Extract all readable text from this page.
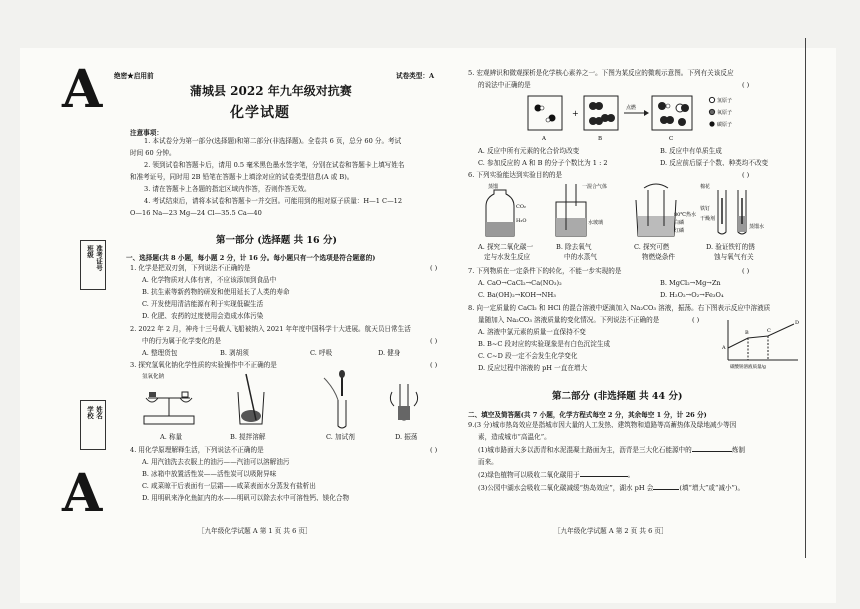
A
A
绝密★启用前	试卷类型：A
蒲城县 2022 年九年级对抗赛
化学试题
注意事项：
1. 本试卷分为第一部分(选择题)和第二部分(非选择题)。全卷共 6 页，总分 60 分。考试
时间 60 分钟。
2. 领到试卷和答题卡后，请用 0.5 毫米黑色墨水签字笔，分别在试卷和答题卡上填写姓名
和准考证号，同时用 2B 铅笔在答题卡上填涂对应的试卷类型信息(A 或 B)。
3. 请在答题卡上各题的指定区域内作答，否则作答无效。
4. 考试结束后，请将本试卷和答题卡一并交回。可能用到的相对原子质量：H—1 C—12
O—16 Na—23 Mg—24 Cl—35.5 Ca—40
第一部分 (选择题 共 16 分)
一、选择题(共 8 小题，每小题 2 分，计 16 分。每小题只有一个选项是符合题意的)
1. 化学是把双刃剑，下列说法不正确的是	( )
A. 化学物质对人体有害，不应该添加到食品中
B. 抗生素等新药物的研发和使用延长了人类的寿命
C. 开发使用清洁能源有利于实现低碳生活
D. 化肥、农药的过度使用会造成水体污染
2. 2022 年 2 月，神舟十三号载人飞船被纳入 2021 年年度中国科学十大进展。航天员日常生活
中的行为属于化学变化的是	( )
A. 整理货包	B. 剥胡须	C. 呼吸	D. 健身
3. 探究氢氧化钠化学性质的实验操作中不正确的是	( )
氢氧化钠
A. 称量	B. 搅拌溶解	C. 加试剂	D. 振荡
4. 用化学原理解释生活，下列说法不正确的是	( )
A. 用汽油洗去衣服上的油污——汽油可以溶解油污
B. 冰箱中放置活性炭——活性炭可以吸附异味
C. 咸菜晾干后表面有一层霜——咸菜表面水分蒸发有盐析出
D. 用明矾来净化鱼缸内的水——明矾可以除去水中可溶性钙、镁化合物
［九年级化学试题 A 第 1 页 共 6 页］
班级 准考证号
学校 姓名
5. 宏观辨识和微观探析是化学核心素养之一。下图为某反应的微观示意图。下列有关该反应
的说法中正确的是	( )
+
点燃
A	B	C
氢原子
氧原子
碳原子
A. 反应中所有元素的化合价均改变	B. 反应中有单质生成
C. 参加反应的 A 和 B 的分子个数比为 1 : 2	D. 反应前后原子个数、种类均不改变
6. 下列实验能达到实验目的的是	( )
蒸馏
CO₂
H₂O
一混合气体
水玻璃
80℃热水
白磷
红磷
棉花
铁钉
干燥剂
蒸馏水
A. 探究二氧化碳一
定与水发生反应
B. 除去氧气
中的水蒸气
C. 探究可燃
物燃烧条件
D. 验证铁钉的锈
蚀与氧气有关
7. 下列物质在一定条件下的转化，不能一步实现的是	( )
A. CaO→CaCl₂→Ca(NO₃)₂	B. MgCl₂→Mg→Zn
C. Ba(OH)₂→KOH→NH₃	D. H₂O₂→O₂→Fe₃O₄
8. 向一定质量的 CaCl₂ 和 HCl 的混合溶液中逐滴加入 Na₂CO₃ 溶液，振荡。右下图表示反应中溶液质
量随加入 Na₂CO₃ 溶液质量的变化情况。下列说法不正确的是	( )
A. 溶液中氯元素的质量一直保持不变
B. B~C 段对应的实验现象是有白色沉淀生成
C. C~D 段一定不会发生化学变化
D. 反应过程中溶液的 pH 一直在增大
A
B	C
D
碳酸钠溶液质量/g
第二部分 (非选择题 共 44 分)
二、填空及简答题(共 7 小题，化学方程式每空 2 分，其余每空 1 分，计 26 分)
9.(3 分)城市热岛效应是指城市因大量的人工发热、建筑物和道路等高蓄热体及绿地减少等因
素，造成城市“高温化”。
(1)城市路面大多以沥青和水泥混凝土路面为主，沥青是三大化石能源中的	炼制
而来。
(2)绿色植物可以吸收二氧化碳用于	。
(3)公园中湖水会吸收二氧化碳减缓“热岛效应”，湖水 pH 会	(填“增大”或“减小”)。
［九年级化学试题 A 第 2 页 共 6 页］
